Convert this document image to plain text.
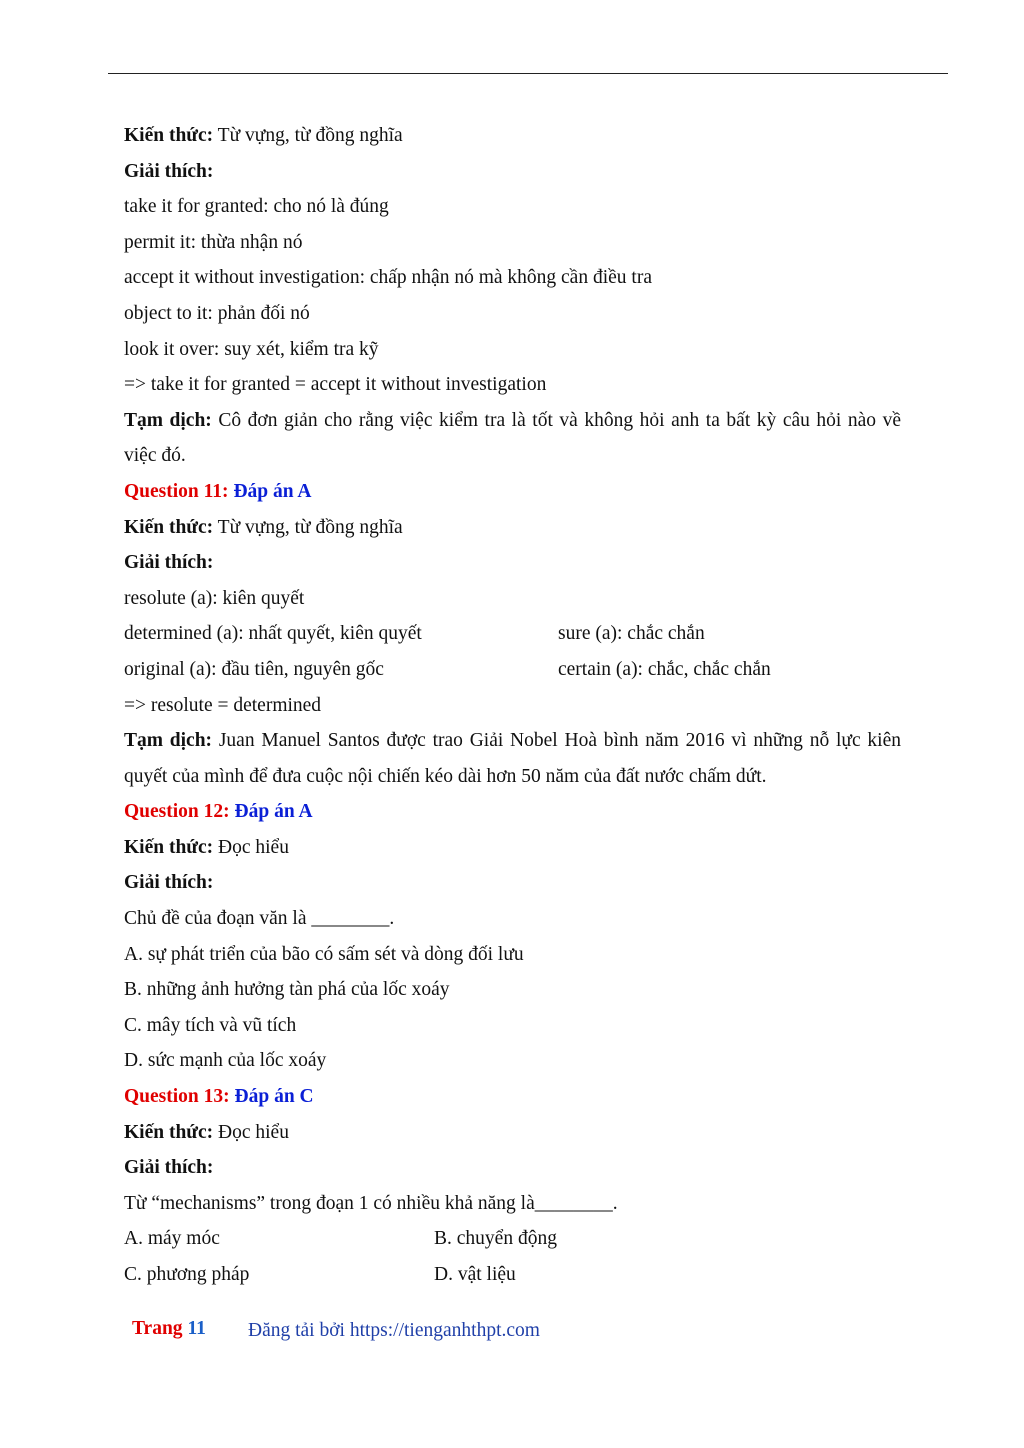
Kiến thức: Từ vựng, từ đồng nghĩa
Giải thích:
take it for granted: cho nó là đúng
permit it: thừa nhận nó
accept it without investigation: chấp nhận nó mà không cần điều tra
object to it: phản đối nó
look it over: suy xét, kiểm tra kỹ
=> take it for granted = accept it without investigation
Tạm dịch: Cô đơn giản cho rằng việc kiểm tra là tốt và không hỏi anh ta bất kỳ câu hỏi nào về việc đó.
Question 11: Đáp án A
Kiến thức: Từ vựng, từ đồng nghĩa
Giải thích:
resolute (a): kiên quyết
determined (a): nhất quyết, kiên quyết	sure (a): chắc chắn
original (a): đầu tiên, nguyên gốc	certain (a): chắc, chắc chắn
=> resolute = determined
Tạm dịch: Juan Manuel Santos được trao Giải Nobel Hoà bình năm 2016 vì những nỗ lực kiên quyết của mình để đưa cuộc nội chiến kéo dài hơn 50 năm của đất nước chấm dứt.
Question 12: Đáp án A
Kiến thức: Đọc hiểu
Giải thích:
Chủ đề của đoạn văn là ________.
A. sự phát triển của bão có sấm sét và dòng đối lưu
B. những ảnh hưởng tàn phá của lốc xoáy
C. mây tích và vũ tích
D. sức mạnh của lốc xoáy
Question 13: Đáp án C
Kiến thức: Đọc hiểu
Giải thích:
Từ “mechanisms” trong đoạn 1 có nhiều khả năng là________.
A. máy móc	B. chuyển động
C. phương pháp	D. vật liệu
Trang 11 Đăng tải bởi https://tienganhthpt.com
